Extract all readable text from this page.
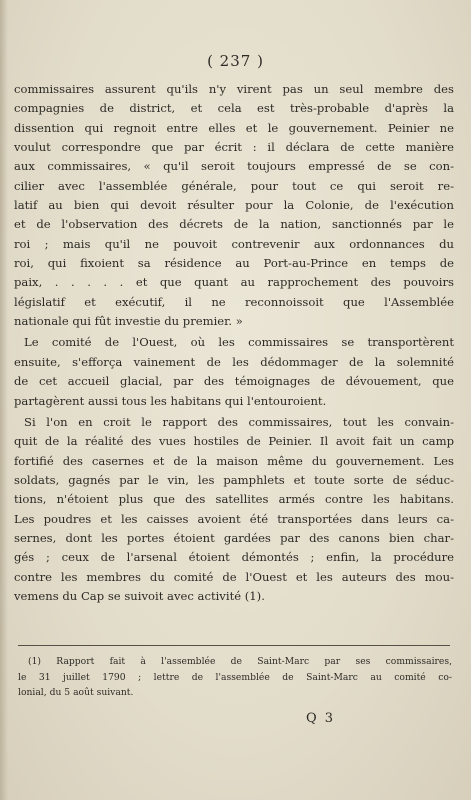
( 237 )
commissaires assurent qu'ils n'y virent pas un seul membre des
compagnies de district, et cela est très-probable d'après la
dissention qui regnoit entre elles et le gouvernement. Peinier ne
voulut correspondre que par écrit : il déclara de cette manière
aux commissaires, « qu'il seroit toujours empressé de se con-
cilier avec l'assemblée générale, pour tout ce qui seroit re-
latif au bien qui devoit résulter pour la Colonie, de l'exécution
et de l'observation des décrets de la nation, sanctionnés par le
roi ; mais qu'il ne pouvoit contrevenir aux ordonnances du
roi, qui fixoient sa résidence au Port-au-Prince en temps de
paix, . . . . . et que quant au rapprochement des pouvoirs
législatif et exécutif, il ne reconnoissoit que l'Assemblée
nationale qui fût investie du premier. »
Le comité de l'Ouest, où les commissaires se transportèrent
ensuite, s'efforça vainement de les dédommager de la solemnité
de cet accueil glacial, par des témoignages de dévouement, que
partagèrent aussi tous les habitans qui l'entouroient.
Si l'on en croit le rapport des commissaires, tout les convain-
quit de la réalité des vues hostiles de Peinier. Il avoit fait un camp
fortifié des casernes et de la maison même du gouvernement. Les
soldats, gagnés par le vin, les pamphlets et toute sorte de séduc-
tions, n'étoient plus que des satellites armés contre les habitans.
Les poudres et les caisses avoient été transportées dans leurs ca-
sernes, dont les portes étoient gardées par des canons bien char-
gés ; ceux de l'arsenal étoient démontés ; enfin, la procédure
contre les membres du comité de l'Ouest et les auteurs des mou-
vemens du Cap se suivoit avec activité (1).
(1) Rapport fait à l'assemblée de Saint-Marc par ses commissaires,
le 31 juillet 1790 ; lettre de l'assemblée de Saint-Marc au comité co-
lonial, du 5 août suivant.
Q 3
